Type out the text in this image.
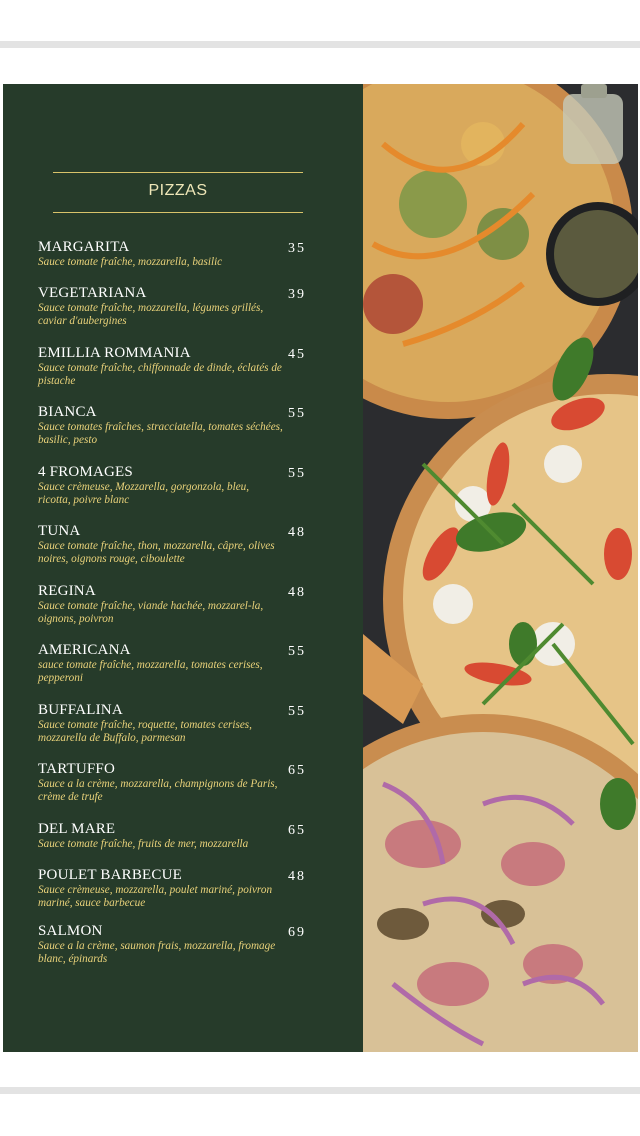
PIZZAS
MARGARITA
Sauce tomate fraîche, mozzarella, basilic
35
VEGETARIANA
Sauce tomate fraîche, mozzarella, légumes grillés, caviar d'aubergines
39
EMILLIA ROMMANIA
Sauce tomate fraîche, chiffonnade de dinde, éclatés de pistache
45
BIANCA
Sauce tomates fraîches, stracciatella, tomates séchées, basilic, pesto
55
4 FROMAGES
Sauce crèmeuse, Mozzarella, gorgonzola, bleu, ricotta, poivre blanc
55
TUNA
Sauce tomate fraîche, thon, mozzarella, câpre, olives noires, oignons rouge, ciboulette
48
REGINA
Sauce tomate fraîche, viande hachée, mozzarel-la, oignons, poivron
48
AMERICANA
sauce tomate fraîche, mozzarella, tomates cerises, pepperoni
55
BUFFALINA
Sauce tomate fraîche, roquette, tomates cerises, mozzarella de Buffalo, parmesan
55
TARTUFFO
Sauce a la crème, mozzarella, champignons de Paris, crème de trufe
65
DEL MARE
Sauce tomate fraîche, fruits de mer, mozzarella
65
POULET BARBECUE
Sauce crèmeuse, mozzarella, poulet mariné, poivron mariné, sauce barbecue
48
SALMON
Sauce a la crème, saumon frais, mozzarella, fromage blanc, épinards
69
